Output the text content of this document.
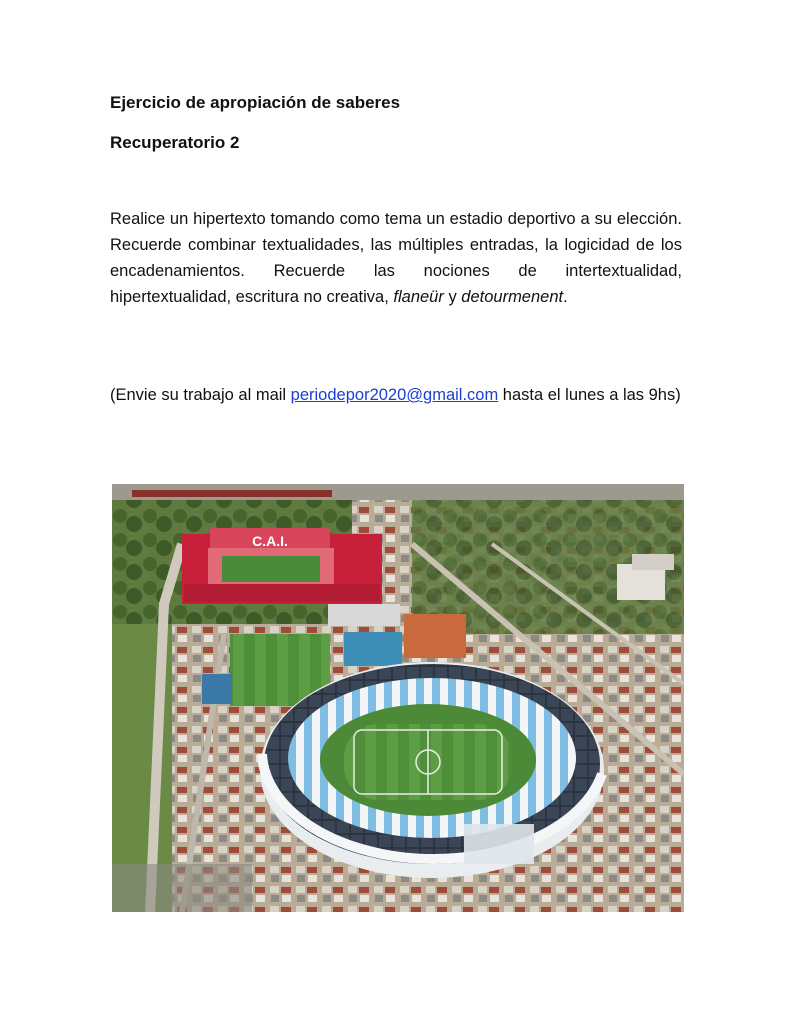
Ejercicio de apropiación de saberes
Recuperatorio 2
Realice un hipertexto tomando como tema un estadio deportivo a su elección. Recuerde combinar textualidades, las múltiples entradas, la logicidad de los encadenamientos. Recuerde las nociones de intertextualidad, hipertextualidad, escritura no creativa, flaneür y detourmenent.
(Envie su trabajo al mail periodepor2020@gmail.com hasta el lunes a las 9hs)
C.A.I.
